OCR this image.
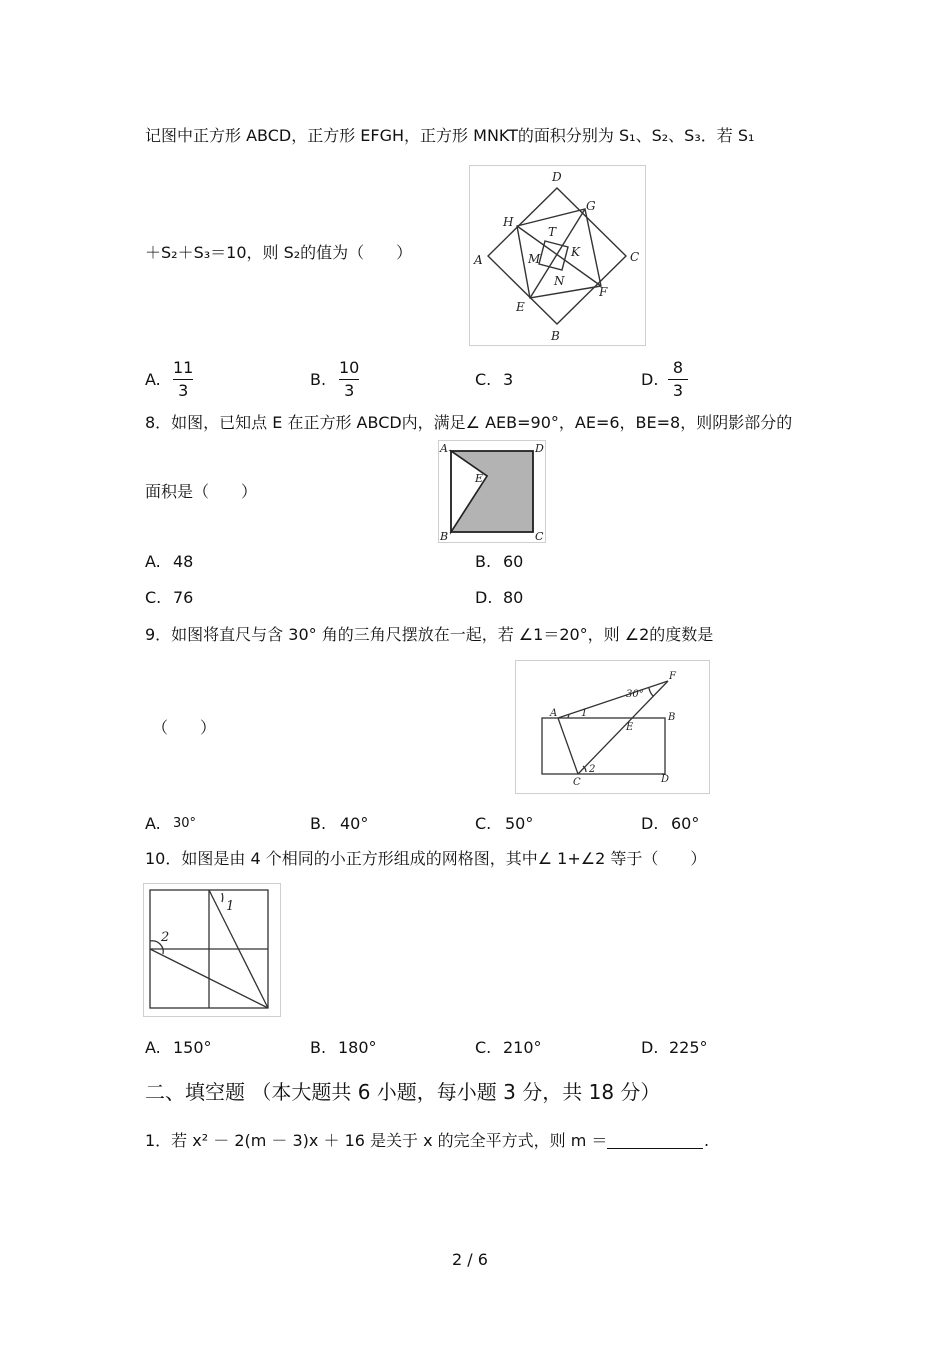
记图中正方形 ABCD，正方形 EFGH，正方形 MNKT的面积分别为 S₁、S₂、S₃．若 S₁
＋S₂＋S₃＝10，则 S₂的值为（　　）
D
G
H
T
K
A	M	C
N
E
F
B
A.
11
3
B.
10
3
C. 3	D.
8
3
8．如图，已知点 E 在正方形 ABCD内，满足∠ AEB=90°，AE=6，BE=8，则阴影部分的
面积是（　　）
A	D
E
B	C
A. 48	B. 60
C. 76	D. 80
9．如图将直尺与含 30° 角的三角尺摆放在一起，若 ∠1＝20°，则 ∠2的度数是
（　　）
F
30°
A 1	B
E
2
C	D
A. 30°	B. 40°	C. 50°	D. 60°
10．如图是由 4 个相同的小正方形组成的网格图，其中∠ 1+∠2 等于（　　）
1
2
A. 150°	B. 180°	C. 210°	D. 225°
二、填空题 （本大题共 6 小题，每小题 3 分，共 18 分）
1．若 x² － 2(m － 3)x ＋ 16 是关于 x 的完全平方式，则 m ＝	.
2 / 6
